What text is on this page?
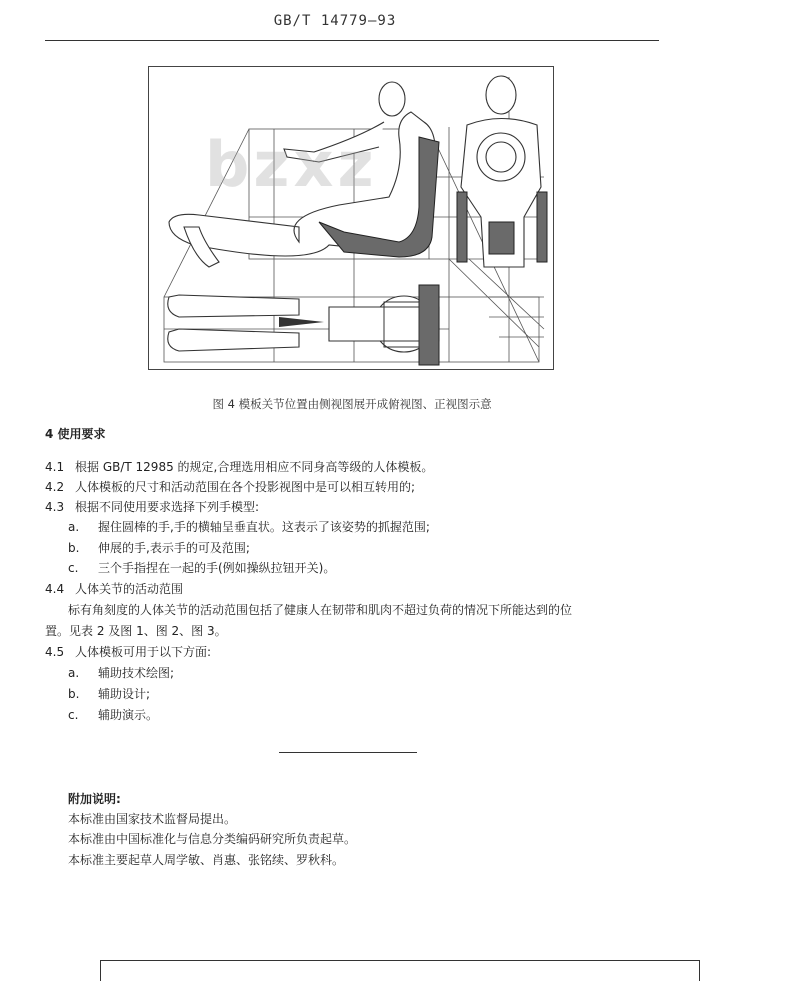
GB/T 14779—93
bzxz
图 4 模板关节位置由侧视图展开成俯视图、正视图示意
4 使用要求
4.1 根据 GB/T 12985 的规定,合理选用相应不同身高等级的人体模板。
4.2 人体模板的尺寸和活动范围在各个投影视图中是可以相互转用的;
4.3 根据不同使用要求选择下列手模型:
a. 握住圆棒的手,手的横轴呈垂直状。这表示了该姿势的抓握范围;
b. 伸展的手,表示手的可及范围;
c. 三个手指捏在一起的手(例如操纵拉钮开关)。
4.4 人体关节的活动范围
标有角刻度的人体关节的活动范围包括了健康人在韧带和肌肉不超过负荷的情况下所能达到的位
置。见表 2 及图 1、图 2、图 3。
4.5 人体模板可用于以下方面:
a. 辅助技术绘图;
b. 辅助设计;
c. 辅助演示。
附加说明:
本标准由国家技术监督局提出。
本标准由中国标准化与信息分类编码研究所负责起草。
本标准主要起草人周学敏、肖惠、张铭续、罗秋科。
